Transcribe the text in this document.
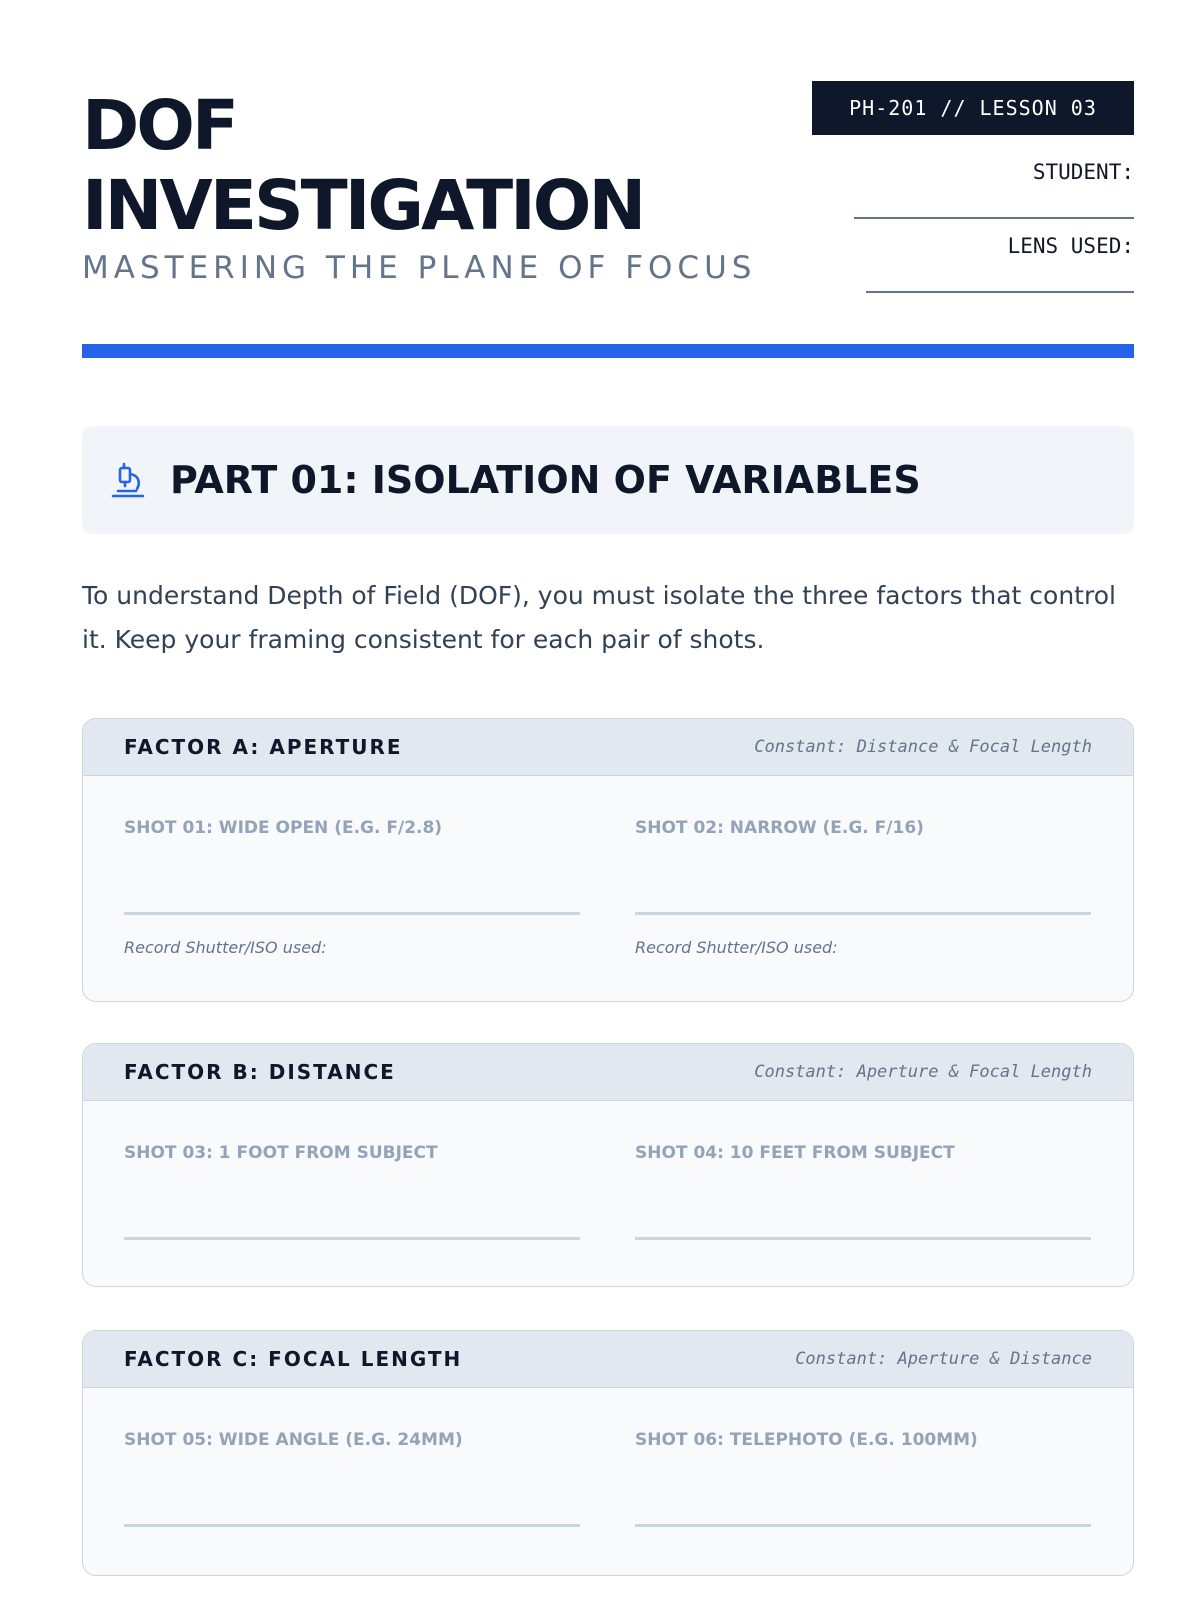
DOF
INVESTIGATION
MASTERING THE PLANE OF FOCUS
PH-201 // LESSON 03
STUDENT:
LENS USED:
PART 01: ISOLATION OF VARIABLES

To understand Depth of Field (DOF), you must isolate the three factors that control it. Keep your framing consistent for each pair of shots.

FACTOR A: APERTURE	Constant: Distance & Focal Length
SHOT 01: WIDE OPEN (E.G. F/2.8)
Record Shutter/ISO used:
SHOT 02: NARROW (E.G. F/16)
Record Shutter/ISO used:
FACTOR B: DISTANCE	Constant: Aperture & Focal Length
SHOT 03: 1 FOOT FROM SUBJECT	SHOT 04: 10 FEET FROM SUBJECT
FACTOR C: FOCAL LENGTH	Constant: Aperture & Distance
SHOT 05: WIDE ANGLE (E.G. 24MM)	SHOT 06: TELEPHOTO (E.G. 100MM)
